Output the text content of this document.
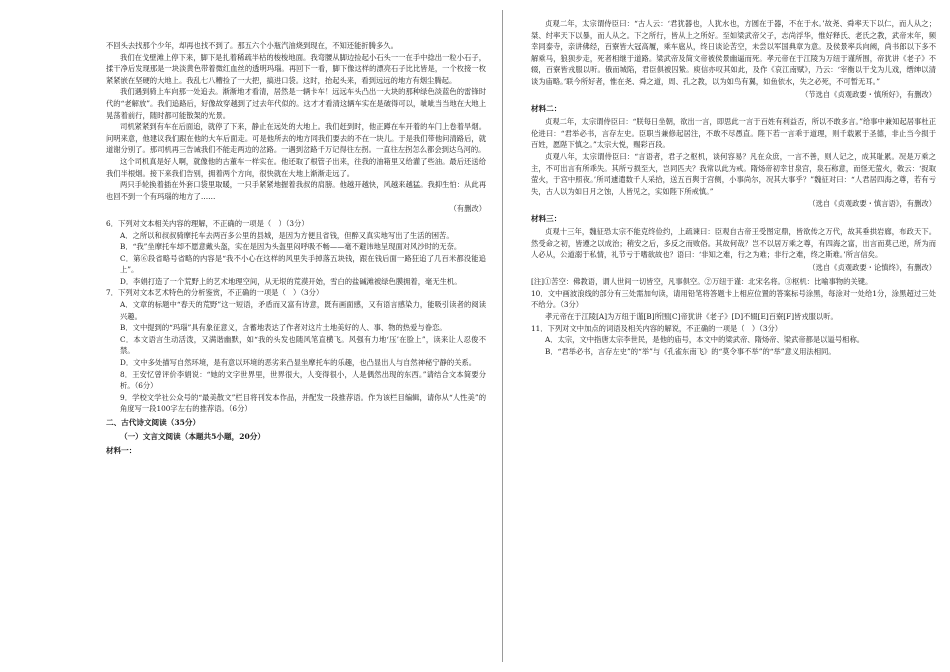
不回头去找那个少年，却再也找不到了。那五六个小瓶汽油烧到现在，不知还能折腾多久。

我们在戈壁滩上停下来，脚下是扎着稀疏半枯的梭梭地面。我弯腰从脚边捡起小石头一一在手中捻出一粒小石子，揉干净后发现那是一块淡黄色带着微红血丝的透明玛瑙。再回下一看，脚下像这样的漂亮石子比比皆是，一个枚接一枚紧紧嵌在坚硬的大地上。我乱七八糟捡了一大把，搞进口袋。这时，抬起头来，看到远远的地方有烟尘腾起。

我们遇到骑上车向那一处追去。渐渐地才看清，居然是一辆卡车！远远车头凸出一大块的那种绿色淡蓝色的雷锋时代的“老解放”。我们追路后，好像故穿越到了过去年代似的。这才才看清这辆车实在是破得可以，呲呲当当地在大地上晃荡着前行，随时都可能散架的光景。

司机紧紧到有车在后面追，就停了下来，静止在远处的大地上。我们赶到时，他正蹲在车开着的车门上卷着旱烟。问明来意，他建议我们跟在他的大车后面走。可是他所去的地方同我们要去的不在一块儿。于是我们带他问清路后，就道谢分别了。那司机再三告诫我们不能走两边的岔路。一遇到岔路千万记得往左拐。一直往左拐怎么都会到达乌河的。

这个司机真是好人啊，就像他的古董车一样实在。他还取了根管子出来，往我的油箱里又给灌了些油。最后还送给我们半根烟。接下来我们告别，拥着两个方向，很快就在大地上渐渐走远了。

两只手轮换着插在外套口袋里取暖，一只手紧紧地握着我叔的肩膀。他越开越快，风越来越猛。我抑生怕：从此再也回不到一个有玛瑙的地方了……

（有删改）

6．下列对文本相关内容的理解，不正确的一项是（　）（3分）

A．之所以和叔叔骑摩托车去两百多公里的县城，是因为方便且省钱，但醉又真实地写出了生活的困苦。

B．“我”坐摩托车却不愿意戴头盔，实在是因为头盔里闷呼吸不畅——毫不避讳地呈现面对风沙时的无奈。

C．第⑥段省略号省略的内容是“我不小心在这样的风里失手掉落五块钱，跟在钱后面一路狂追了几百米都没能追上”。

D．李娟打造了一个荒野上的艺术地理空间，从无垠的荒漠开始，雪白的盐碱滩被绿色膜拥着，毫无生机。

7．下列对文本艺术特色的分析鉴赏，不正确的一项是（　）（3分）

A．文章的标题中“春天的荒野”这一短语，矛盾而又富有诗意，既有画面感，又有语言感染力，能吸引读者的阅读兴趣。

B．文中提到的“玛瑙”具有象征意义，含蓄地表达了作者对这片土地美好的人、事、物的热爱与眷恋。

C．本文语言生动活泼，又满谐幽默，如“我的头发也随风笔直横飞。风强有力地‘压’在脸上”，读来让人忍俊不禁。

D．文中多处描写自然环境，是有意以环境的恶劣来凸显坐摩托车的乐趣，也凸显出人与自然神秘宁静的关系。

8．王安忆曾评价李娟说：“她的文字世界里，世界很大，人变得很小，人是偶然出现的东西。”请结合文本简要分析。（6分）

9．学校文学社公众号的“最美散文”栏目将刊发本作品，并配发一段推荐语。作为该栏目编辑，请你从“人性美”的角度写一段100字左右的推荐语。（6分）

二、古代诗文阅读（35分）
（一）文言文阅读（本题共5小题，20分）
材料一：

贞观二年，太宗谓侍臣曰：“古人云：‘君犹器也，人犹水也，方圆在于器，不在于水。’故尧、舜率天下以仁，而人从之；桀、纣率天下以暴，而人从之。下之所行，皆从上之所好。至如梁武帝父子，志尚浮华，惟好释氏、老氏之教，武帝末年，频幸同泰寺，亲讲佛经，百寮皆大冠高履，乘车扈从，终日谈论苦空，未尝以军国典章为意。及侯景率兵向阙，尚书郎以下多不解乘马，狼狈步走，死者相继于道路。梁武帝及简文帝被侯景幽逼而死。孝元帝在于江陵为万纽于谨所围，帝犹讲《老子》不辍，百寮皆戎服以听。俄而城陷，君臣俱被囚絷。庾信亦叹其如此，及作《哀江南赋》，乃云：‘宰衡以干戈为儿戏，缙绅以清谈为庙略。’联今所好者，惟在尧、舜之道，周、孔之教，以为如鸟有翼，如鱼依水，失之必死，不可暂无耳。”

（节选自《贞观政要・慎所好》，有删改）
材料二：

贞观二年，太宗谓侍臣曰：“朕每日坐朝，欲出一言，即思此一言于百姓有利益否，所以不敢多言。”给事中兼知起居事杜正伦进曰：“君举必书，言存左史。臣职当兼修起居注，不敢不尽愚直。陛下若一言乖于道理，则千载累于圣德，非止当今损于百姓，愿陛下慎之。”太宗大悦，赐彩百段。

贞观八年，太宗谓侍臣曰：“言语者，君子之枢机，谈何容易？凡在众庶，一言不善，则人记之，成其耻累。况是万乘之主，不可出言有所乖失。其所亏损至大，岂同匹夫？我常以此为戒。隋炀帝初幸甘泉宫，泉石称意，而怪无萤火，敕云：‘捉取萤火，于宫中照夜。’所司遽遣数千人采拾，送五百舆于宫侧，小事尚尔，况其大事乎？”魏征对曰：“人君居四海之尊，若有亏失，古人以为如日月之蚀，人皆见之，实如陛下所戒慎。”

（选自《贞观政要・慎言语》，有删改）
材料三：

贞观十三年，魏征恐太宗不能克终俭约，上疏谏曰：臣观自古帝王受图定鼎，皆欲传之万代，故其垂拱岩廊，布政天下。然受命之初，皆遵之以成治；稍安之后，多反之而败俗。其故何哉？岂不以居万乘之尊，有四海之富，出言而莫己逆，所为而人必从，公道溺于私情，礼节亏于嗜欲故也？语曰：‘非知之难，行之为难；非行之难，终之斯难。’所言信矣。

（选自《贞观政要・论慎终》，有删改）

[注]①苦空：佛教语，谓人世间一切皆空，凡事俱空。②万纽于谨：北宋名将。③枢机：比喻事物的关键。

10．文中画波浪线的部分有三处需加句读，请用铅笔将答题卡上相应位置的答案标号涂黑，每涂对一处给1分，涂黑超过三处不给分。（3分）

孝元帝在于江陵[A]为万纽于谨[B]所围[C]帝犹讲《老子》[D]不辍[E]百寮[F]皆戎服以听。

11．下列对文中加点的词语及相关内容的解说，不正确的一项是（　）（3分）

A．太宗，文中指唐太宗李世民，是他的庙号，本文中的梁武帝、隋炀帝、梁武帝都是以谥号相称。

B．“君举必书，言存左史”的“举”与《孔雀东南飞》的“莫令事不举”的“举”意义用法相同。
